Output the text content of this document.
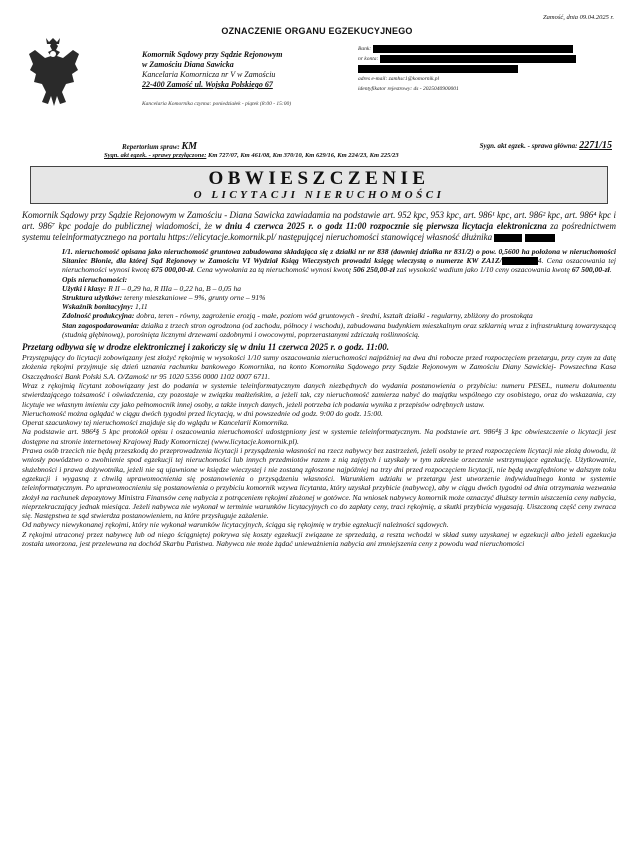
Zamość, dnia 09.04.2025 r.
OZNACZENIE ORGANU EGZEKUCYJNEGO
Komornik Sądowy przy Sądzie Rejonowym
w Zamościu Diana Sawicka
Kancelaria Komorniczа nr V w Zamościu
22-400 Zamość ul. Wojska Polskiego 67
Kancelaria Komornika czynna: poniedziałek - piątek (8:00 - 15:00)
Bank:
nr konta:
adres e-mail: zamhsc1@komornik.pl
identyfikator rejestrowy: ds - 2025040900001
Repertorium spraw: KM	Sygn. akt egzek. - sprawa główna: 2271/15
Sygn. akt egzek. - sprawy przyłączone: Km 727/07, Km 461/08, Km 370/10, Km 629/16, Km 224/23, Km 225/23
OBWIESZCZENIE
O LICYTACJI NIERUCHOMOŚCI

Komornik Sądowy przy Sądzie Rejonowym w Zamościu - Diana Sawicka zawiadamia na podstawie art. 952 kpc, 953 kpc, art. 986¹ kpc, art. 986² kpc, art. 986⁴ kpc i art. 986⁷ kpc podaje do publicznej wiadomości, że w dniu 4 czerwca 2025 r. o godz 11:00 rozpocznie się pierwsza licytacja elektroniczna za pośrednictwem systemu teleinformatycznego na portalu https://elicytacje.komornik.pl/ następującej nieruchomości stanowiącej własność dłużnika

I/1. nieruchomość opisana jako nieruchomość gruntowa zabudowana składająca się z działki nr nr 838 (dawniej działka nr 831/2) o pow. 0,5600 ha położona w nieruchomości Sitaniec Błonie, dla której Sąd Rejonowy w Zamościu VI Wydział Ksiąg Wieczystych prowadzi księgę wieczystą o numerze KW ZA1Z/	4. Cena oszacowania tej nieruchomości wynosi kwotę 675 000,00-zł. Cena wywołania za tą nieruchomość wynosi kwotę 506 250,00-zł zaś wysokość wadium jako 1/10 ceny oszacowania kwotę 67 500,00-zł.

Opis nieruchomości:

Użytki i klasy: R II – 0,29 ha, R IIIa – 0,22 ha, B – 0,05 ha

Struktura użytków: tereny mieszkaniowe – 9%, grunty orne – 91%

Wskaźnik bonitacyjny: 1,11

Zdolność produkcyjna: dobra, teren - równy, zagrożenie erozją - małe, poziom wód gruntowych - średni, kształt działki - regularny, zbliżony do prostokąta

Stan zagospodarowania: działka z trzech stron ogrodzona (od zachodu, północy i wschodu), zabudowana budynkiem mieszkalnym oraz szklarnią wraz z infrastrukturą towarzyszącą (studnią głębinową), porośnięta licznymi drzewami ozdobnymi i owocowymi, poprzerastanymi zdziczałą roślinnością.

Przetarg odbywa się w drodze elektronicznej i zakończy się w dniu 11 czerwca 2025 r. o godz. 11:00.

Przystępujący do licytacji zobowiązany jest złożyć rękojmię w wysokości 1/10 sumy oszacowania nieruchomości najpóźniej na dwa dni robocze przed rozpoczęciem przetargu, przy czym za datę złożenia rękojmi przyjmuje się dzień uznania rachunku bankowego Komornika, na konto Komornika Sądowego przy Sądzie Rejonowym w Zamościu Diany Sawickiej- Powszechna Kasa Oszczędności Bank Polski S.A. O/Zamość nr 95 1020 5356 0000 1102 0007 6711.

Wraz z rękojmią licytant zobowiązany jest do podania w systemie teleinformatycznym danych niezbędnych do wydania postanowienia o przybiciu: numeru PESEL, numeru dokumentu stwierdzającego tożsamość i oświadczenia, czy pozostaje w związku małżeńskim, a jeżeli tak, czy nieruchomość zamierza nabyć do majątku wspólnego czy osobistego, oraz do wskazania, czy licytuje we własnym imieniu czy jako pełnomocnik innej osoby, a także innych danych, jeżeli potrzeba ich podania wynika z przepisów odrębnych ustaw.

Nieruchomość można oglądać w ciągu dwóch tygodni przed licytacją, w dni powszednie od godz. 9:00 do godz. 15:00.

Operat szacunkowy tej nieruchomości znajduje się do wglądu w Kancelarii Komornika.

Na podstawie art. 986⁴§ 5 kpc protokół opisu i oszacowania nieruchomości udostępniony jest w systemie teleinformatycznym. Na podstawie art. 986⁴§ 3 kpc obwieszczenie o licytacji jest dostępne na stronie internetowej Krajowej Rady Komorniczej (www.licytacje.komornik.pl).

Prawa osób trzecich nie będą przeszkodą do przeprowadzenia licytacji i przysądzenia własności na rzecz nabywcy bez zastrzeżeń, jeżeli osoby te przed rozpoczęciem licytacji nie złożą dowodu, iż wniosły powództwo o zwolnienie spod egzekucji tej nieruchomości lub innych przedmiotów razem z nią zajętych i uzyskały w tym zakresie orzeczenie wstrzymujące egzekucję. Użytkowanie, służebności i prawa dożywotnika, jeżeli nie są ujawnione w księdze wieczystej i nie zostaną zgłoszone najpóźniej na trzy dni przed rozpoczęciem licytacji, nie będą uwzględnione w dalszym toku egzekucji i wygasną z chwilą uprawomocnienia się postanowienia o przysądzeniu własności. Warunkiem udziału w przetargu jest utworzenie indywidualnego konta w systemie teleinformatycznym. Po uprawomocnieniu się postanowienia o przybiciu komornik wzywa licytanta, który uzyskał przybicie (nabywcę), aby w ciągu dwóch tygodni od dnia otrzymania wezwania złożył na rachunek depozytowy Ministra Finansów cenę nabycia z potrąceniem rękojmi złożonej w gotówce. Na wniosek nabywcy komornik może oznaczyć dłuższy termin uiszczenia ceny nabycia, nieprzekraczający jednak miesiąca. Jeżeli nabywca nie wykonał w terminie warunków licytacyjnych co do zapłaty ceny, traci rękojmię, a skutki przybicia wygasają. Uiszczoną część ceny zwraca się. Następstwa te sąd stwierdza postanowieniem, na które przysługuje zażalenie.

Od nabywcy niewykonanej rękojmi, który nie wykonał warunków licytacyjnych, ściąga się rękojmię w trybie egzekucji należności sądowych.

Z rękojmi utraconej przez nabywcę lub od niego ściągniętej pokrywa się koszty egzekucji związane ze sprzedażą, a reszta wchodzi w skład sumy uzyskanej w egzekucji albo jeżeli egzekucja została umorzona, jest przelewana na dochód Skarbu Państwa. Nabywca nie może żądać unieważnienia nabycia ani zmniejszenia ceny z powodu wad nieruchomości
